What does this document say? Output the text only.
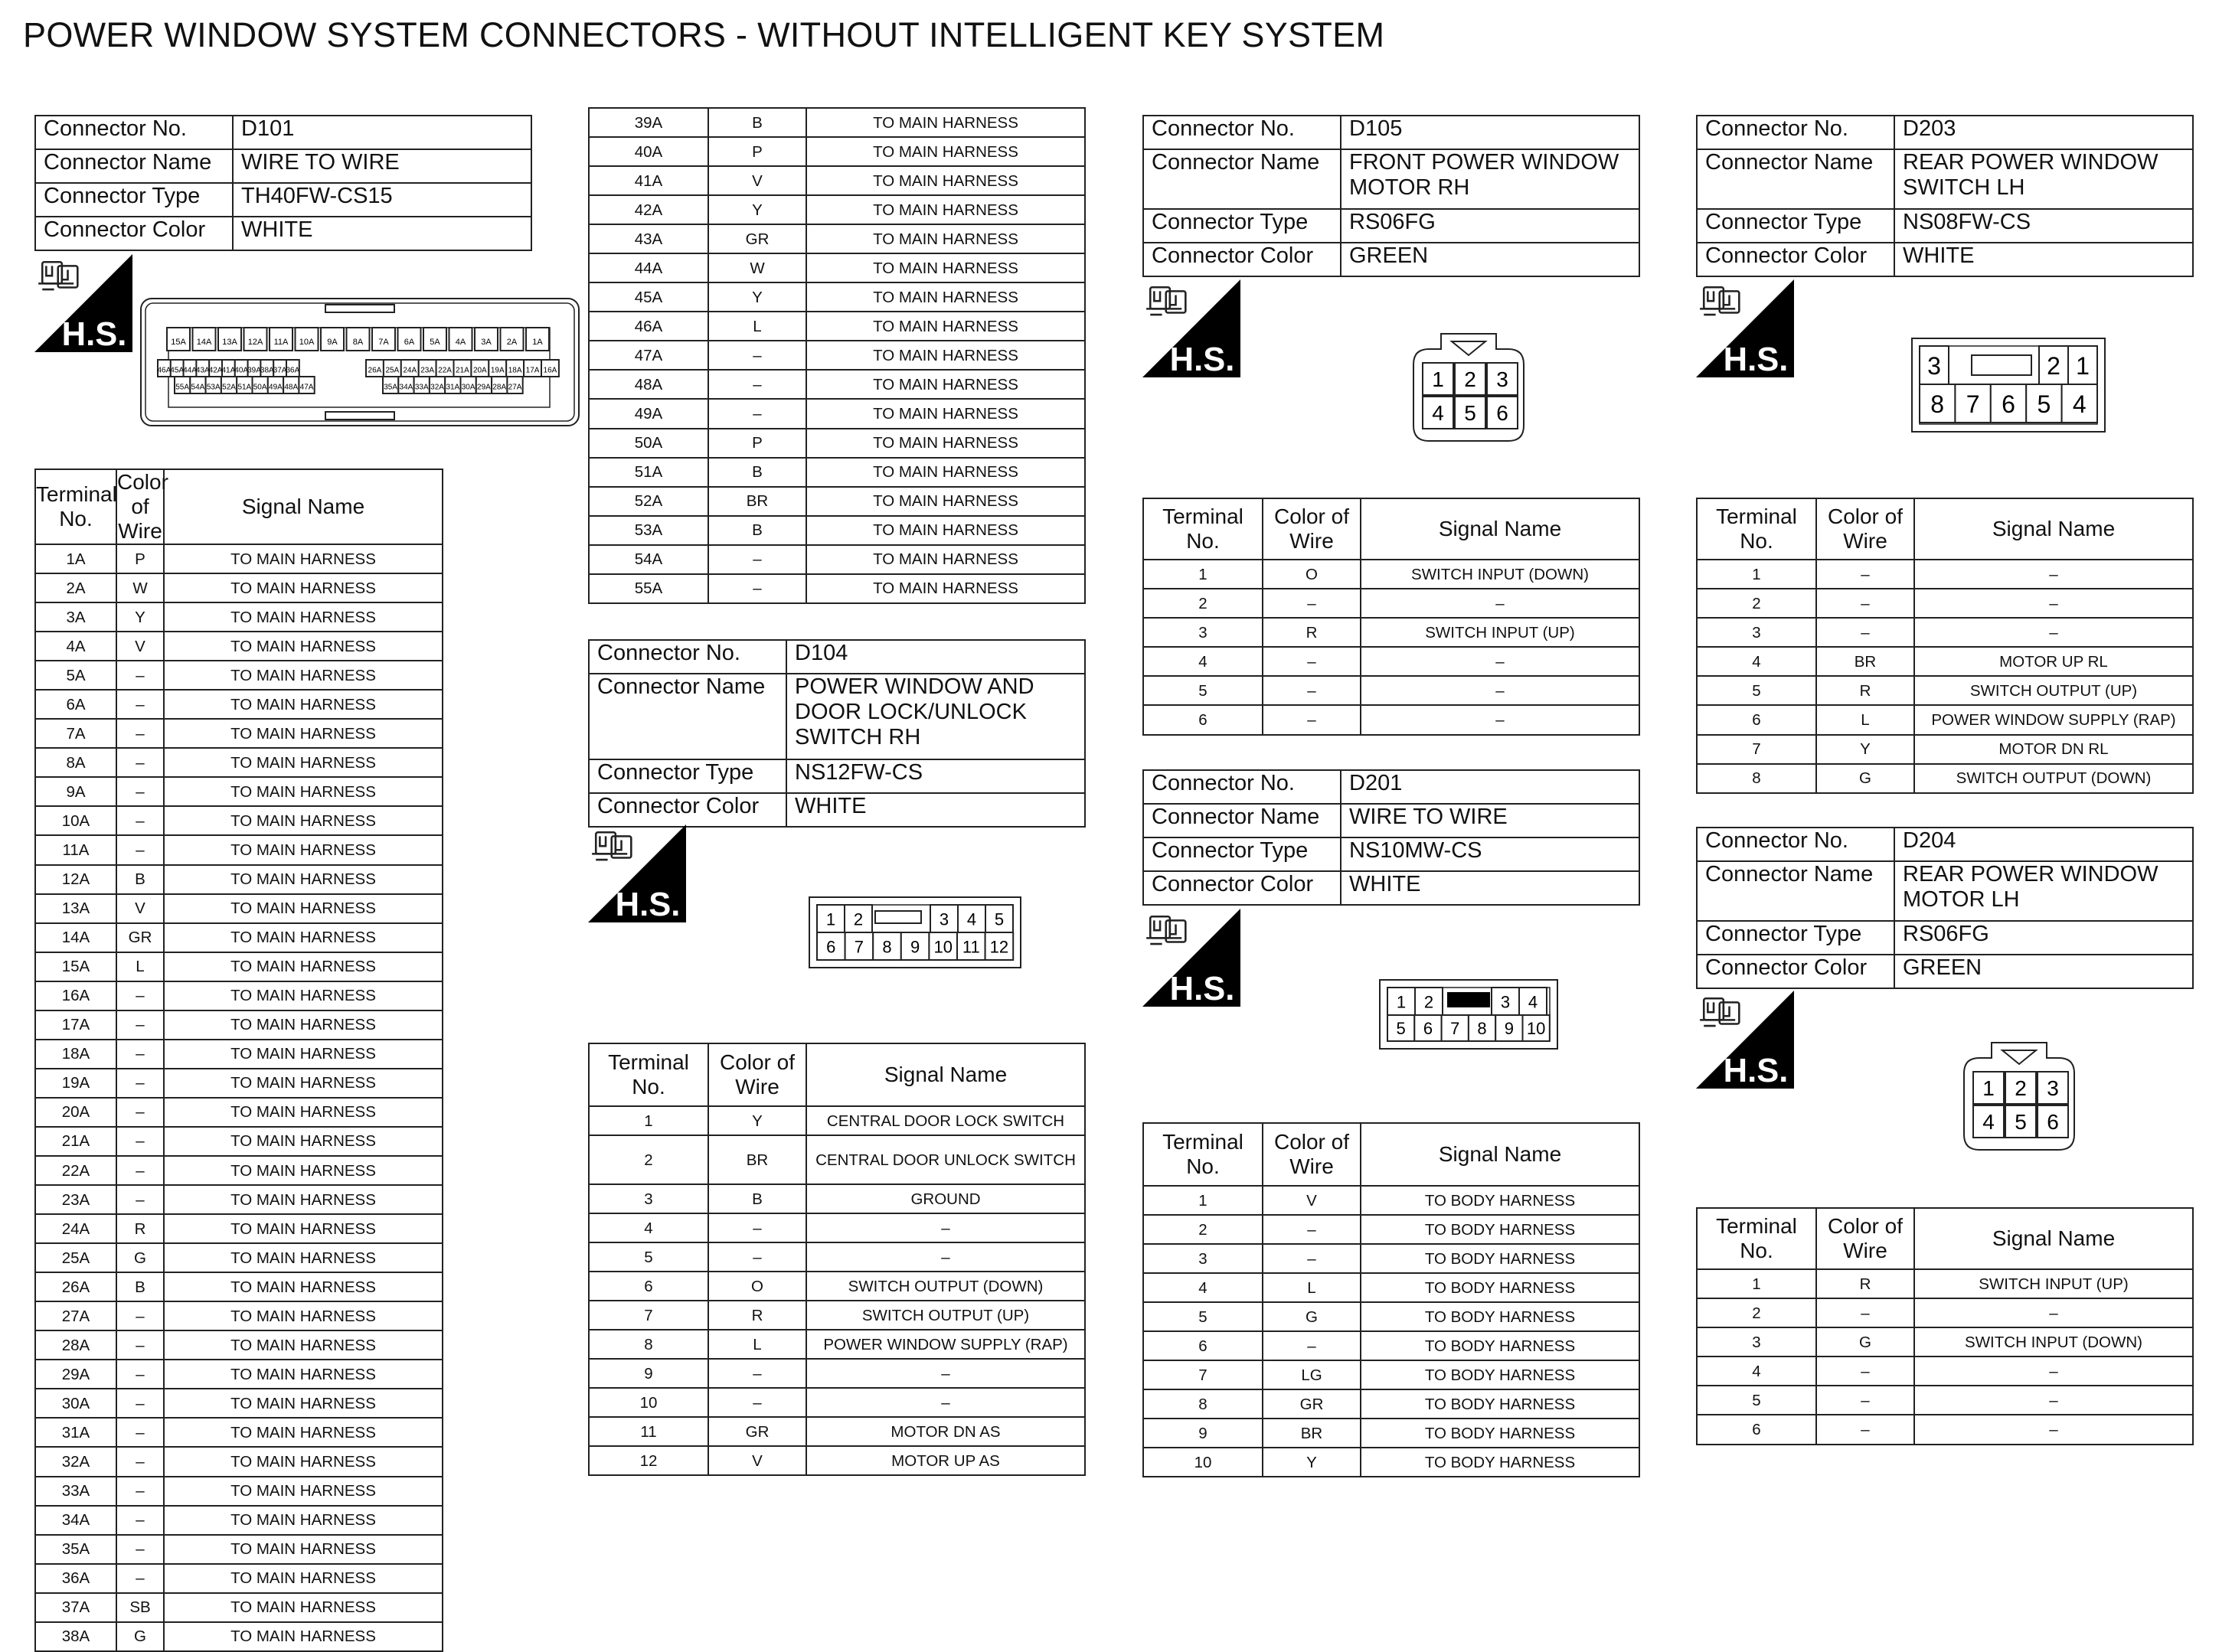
POWER WINDOW SYSTEM CONNECTORS - WITHOUT INTELLIGENT KEY SYSTEM
Connector No.	D101
Connector Name	WIRE TO WIRE
Connector Type	TH40FW-CS15
Connector Color	WHITE
H.S.	15A 14A 13A 12A 11A 10A 9A 8A 7A 6A 5A 4A 3A 2A 1A
46A 45A 44A 43A 42A 41A 40A 39A 38A 37A 36A	26A 25A 24A 23A 22A 21A 20A 19A 18A 17A 16A
55A 54A 53A 52A 51A 50A 49A 48A 47A	35A 34A 33A 32A 31A 30A 29A 28A 27A
Terminal No.	Color of Wire	Signal Name
1A	P	TO MAIN HARNESS
2A	W	TO MAIN HARNESS
3A	Y	TO MAIN HARNESS
4A	V	TO MAIN HARNESS
5A	–	TO MAIN HARNESS
6A	–	TO MAIN HARNESS
7A	–	TO MAIN HARNESS
8A	–	TO MAIN HARNESS
9A	–	TO MAIN HARNESS
10A	–	TO MAIN HARNESS
11A	–	TO MAIN HARNESS
12A	B	TO MAIN HARNESS
13A	V	TO MAIN HARNESS
14A	GR	TO MAIN HARNESS
15A	L	TO MAIN HARNESS
16A	–	TO MAIN HARNESS
17A	–	TO MAIN HARNESS
18A	–	TO MAIN HARNESS
19A	–	TO MAIN HARNESS
20A	–	TO MAIN HARNESS
21A	–	TO MAIN HARNESS
22A	–	TO MAIN HARNESS
23A	–	TO MAIN HARNESS
24A	R	TO MAIN HARNESS
25A	G	TO MAIN HARNESS
26A	B	TO MAIN HARNESS
27A	–	TO MAIN HARNESS
28A	–	TO MAIN HARNESS
29A	–	TO MAIN HARNESS
30A	–	TO MAIN HARNESS
31A	–	TO MAIN HARNESS
32A	–	TO MAIN HARNESS
33A	–	TO MAIN HARNESS
34A	–	TO MAIN HARNESS
35A	–	TO MAIN HARNESS
36A	–	TO MAIN HARNESS
37A	SB	TO MAIN HARNESS
38A	G	TO MAIN HARNESS
39A	B	TO MAIN HARNESS
40A	P	TO MAIN HARNESS
41A	V	TO MAIN HARNESS
42A	Y	TO MAIN HARNESS
43A	GR	TO MAIN HARNESS
44A	W	TO MAIN HARNESS
45A	Y	TO MAIN HARNESS
46A	L	TO MAIN HARNESS
47A	–	TO MAIN HARNESS
48A	–	TO MAIN HARNESS
49A	–	TO MAIN HARNESS
50A	P	TO MAIN HARNESS
51A	B	TO MAIN HARNESS
52A	BR	TO MAIN HARNESS
53A	B	TO MAIN HARNESS
54A	–	TO MAIN HARNESS
55A	–	TO MAIN HARNESS
Connector No.	D104
Connector Name	POWER WINDOW AND DOOR LOCK/UNLOCK SWITCH RH
Connector Type	NS12FW-CS
Connector Color	WHITE
H.S.	1 2	3 4 5
6 7 8 9 10 11 12
Terminal No.	Color of Wire	Signal Name
1	Y	CENTRAL DOOR LOCK SWITCH
2	BR	CENTRAL DOOR UNLOCK SWITCH
3	B	GROUND
4	–	–
5	–	–
6	O	SWITCH OUTPUT (DOWN)
7	R	SWITCH OUTPUT (UP)
8	L	POWER WINDOW SUPPLY (RAP)
9	–	–
10	–	–
11	GR	MOTOR DN AS
12	V	MOTOR UP AS
Connector No.	D105
Connector Name	FRONT POWER WINDOW MOTOR RH
Connector Type	RS06FG
Connector Color	GREEN
H.S.
1 2 3
4 5 6
Terminal No.	Color of Wire	Signal Name
1	O	SWITCH INPUT (DOWN)
2	–	–
3	R	SWITCH INPUT (UP)
4	–	–
5	–	–
6	–	–
Connector No.	D201
Connector Name	WIRE TO WIRE
Connector Type	NS10MW-CS
Connector Color	WHITE
H.S.	1 2	3 4
5 6 7 8 9 10
Terminal No.	Color of Wire	Signal Name
1	V	TO BODY HARNESS
2	–	TO BODY HARNESS
3	–	TO BODY HARNESS
4	L	TO BODY HARNESS
5	G	TO BODY HARNESS
6	–	TO BODY HARNESS
7	LG	TO BODY HARNESS
8	GR	TO BODY HARNESS
9	BR	TO BODY HARNESS
10	Y	TO BODY HARNESS
Connector No.	D203
Connector Name	REAR POWER WINDOW SWITCH LH
Connector Type	NS08FW-CS
Connector Color	WHITE
H.S.	3	2 1
8 7 6 5 4
Terminal No.	Color of Wire	Signal Name
1	–	–
2	–	–
3	–	–
4	BR	MOTOR UP RL
5	R	SWITCH OUTPUT (UP)
6	L	POWER WINDOW SUPPLY (RAP)
7	Y	MOTOR DN RL
8	G	SWITCH OUTPUT (DOWN)
Connector No.	D204
Connector Name	REAR POWER WINDOW MOTOR LH
Connector Type	RS06FG
Connector Color	GREEN
H.S.	1 2 3
4 5 6
Terminal No.	Color of Wire	Signal Name
1	R	SWITCH INPUT (UP)
2	–	–
3	G	SWITCH INPUT (DOWN)
4	–	–
5	–	–
6	–	–
